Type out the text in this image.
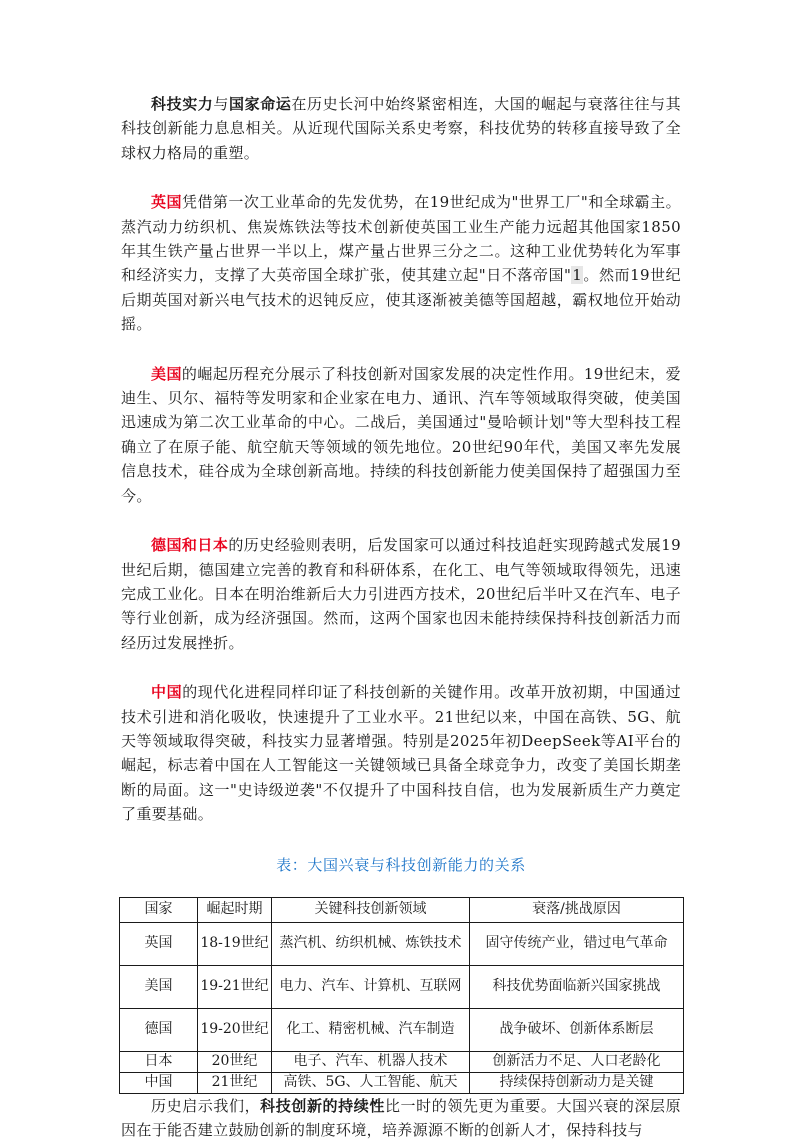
科技实力与国家命运在历史长河中始终紧密相连，大国的崛起与衰落往往与其科技创新能力息息相关。从近现代国际关系史考察，科技优势的转移直接导致了全球权力格局的重塑。

英国凭借第一次工业革命的先发优势，在19世纪成为"世界工厂"和全球霸主。蒸汽动力纺织机、焦炭炼铁法等技术创新使英国工业生产能力远超其他国家1850年其生铁产量占世界一半以上，煤产量占世界三分之二。这种工业优势转化为军事和经济实力，支撑了大英帝国全球扩张，使其建立起"日不落帝国"1。然而19世纪后期英国对新兴电气技术的迟钝反应，使其逐渐被美德等国超越，霸权地位开始动摇。

美国的崛起历程充分展示了科技创新对国家发展的决定性作用。19世纪末，爱迪生、贝尔、福特等发明家和企业家在电力、通讯、汽车等领域取得突破，使美国迅速成为第二次工业革命的中心。二战后，美国通过"曼哈顿计划"等大型科技工程确立了在原子能、航空航天等领域的领先地位。20世纪90年代，美国又率先发展信息技术，硅谷成为全球创新高地。持续的科技创新能力使美国保持了超强国力至今。

德国和日本的历史经验则表明，后发国家可以通过科技追赶实现跨越式发展19世纪后期，德国建立完善的教育和科研体系，在化工、电气等领域取得领先，迅速完成工业化。日本在明治维新后大力引进西方技术，20世纪后半叶又在汽车、电子等行业创新，成为经济强国。然而，这两个国家也因未能持续保持科技创新活力而经历过发展挫折。

中国的现代化进程同样印证了科技创新的关键作用。改革开放初期，中国通过技术引进和消化吸收，快速提升了工业水平。21世纪以来，中国在高铁、5G、航天等领域取得突破，科技实力显著增强。特别是2025年初DeepSeek等AI平台的崛起，标志着中国在人工智能这一关键领域已具备全球竞争力，改变了美国长期垄断的局面。这一"史诗级逆袭"不仅提升了中国科技自信，也为发展新质生产力奠定了重要基础。

表：大国兴衰与科技创新能力的关系

国家	崛起时期	关键科技创新领域	衰落/挑战原因
英国	18-19世纪	蒸汽机、纺织机械、炼铁技术	固守传统产业，错过电气革命
美国	19-21世纪	电力、汽车、计算机、互联网	科技优势面临新兴国家挑战
德国	19-20世纪	化工、精密机械、汽车制造	战争破坏、创新体系断层
日本	20世纪	电子、汽车、机器人技术	创新活力不足、人口老龄化
中国	21世纪	高铁、5G、人工智能、航天	持续保持创新动力是关键

历史启示我们，科技创新的持续性比一时的领先更为重要。大国兴衰的深层原因在于能否建立鼓励创新的制度环境，培养源源不断的创新人才，保持科技与
